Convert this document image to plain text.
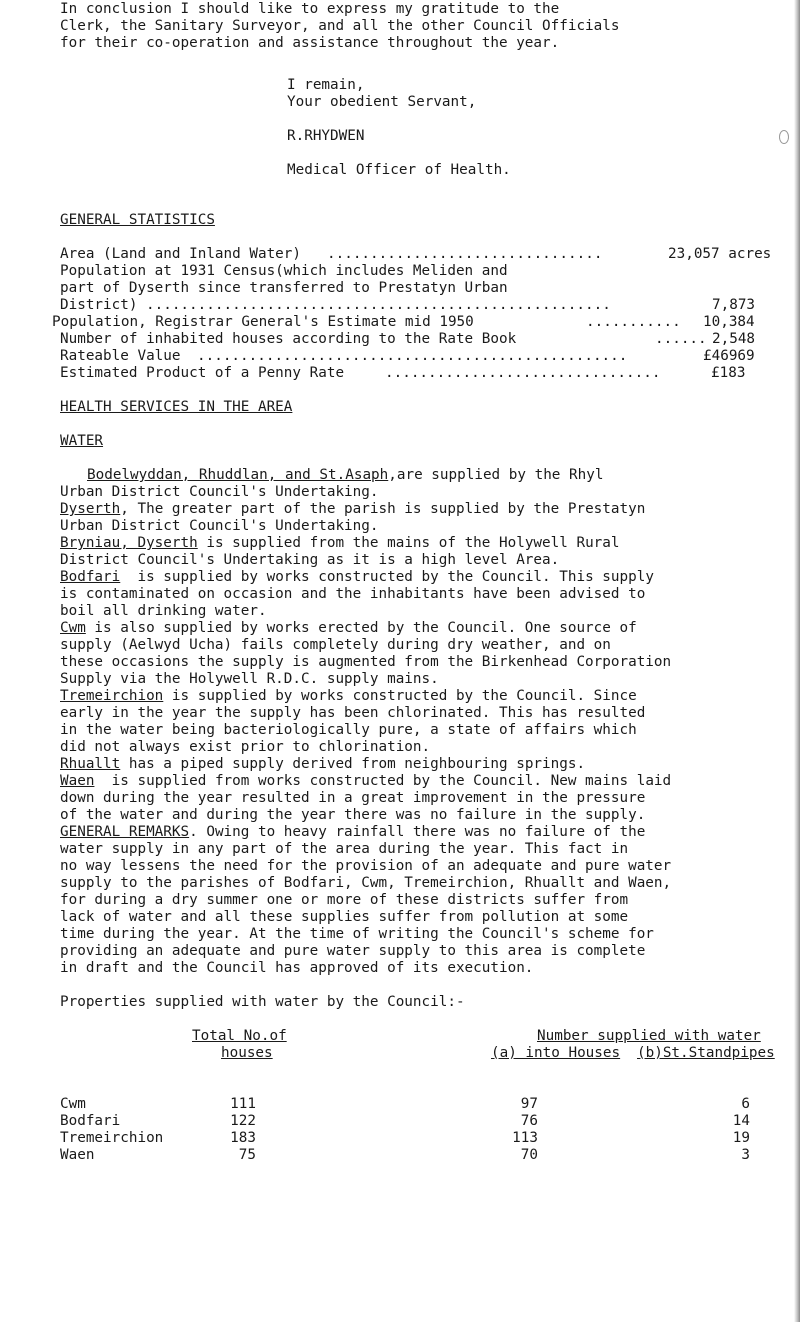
In conclusion I should like to express my gratitude to the
Clerk, the Sanitary Surveyor, and all the other Council Officials
for their co-operation and assistance throughout the year.
I remain,
Your obedient Servant,
R.RHYDWEN
Medical Officer of Health.
GENERAL STATISTICS
Area (Land and Inland Water) ................................	23,057 acres
Population at 1931 Census(which includes Meliden and
part of Dyserth since transferred to Prestatyn Urban
District) ......................................................	7,873
Population, Registrar General's Estimate mid 1950	...........	10,384
Number of inhabited houses according to the Rate Book	...... 2,548
Rateable Value ..................................................	£46969
Estimated Product of a Penny Rate	................................	£183
HEALTH SERVICES IN THE AREA
WATER
Bodelwyddan, Rhuddlan, and St.Asaph,are supplied by the Rhyl
Urban District Council's Undertaking.
Dyserth, The greater part of the parish is supplied by the Prestatyn
Urban District Council's Undertaking.
Bryniau, Dyserth is supplied from the mains of the Holywell Rural
District Council's Undertaking as it is a high level Area.
Bodfari  is supplied by works constructed by the Council. This supply
is contaminated on occasion and the inhabitants have been advised to
boil all drinking water.
Cwm is also supplied by works erected by the Council. One source of
supply (Aelwyd Ucha) fails completely during dry weather, and on
these occasions the supply is augmented from the Birkenhead Corporation
Supply via the Holywell R.D.C. supply mains.
Tremeirchion is supplied by works constructed by the Council. Since
early in the year the supply has been chlorinated. This has resulted
in the water being bacteriologically pure, a state of affairs which
did not always exist prior to chlorination.
Rhuallt has a piped supply derived from neighbouring springs.
Waen  is supplied from works constructed by the Council. New mains laid
down during the year resulted in a great improvement in the pressure
of the water and during the year there was no failure in the supply.
GENERAL REMARKS. Owing to heavy rainfall there was no failure of the
water supply in any part of the area during the year. This fact in
no way lessens the need for the provision of an adequate and pure water
supply to the parishes of Bodfari, Cwm, Tremeirchion, Rhuallt and Waen,
for during a dry summer one or more of these districts suffer from
lack of water and all these supplies suffer from pollution at some
time during the year. At the time of writing the Council's scheme for
providing an adequate and pure water supply to this area is complete
in draft and the Council has approved of its execution.
Properties supplied with water by the Council:-
Total No.of
houses
Number supplied with water
(a) into Houses (b)St.Standpipes
Cwm	111	97	6
Bodfari	122	76	14
Tremeirchion	183	113	19
Waen	75	70	3
